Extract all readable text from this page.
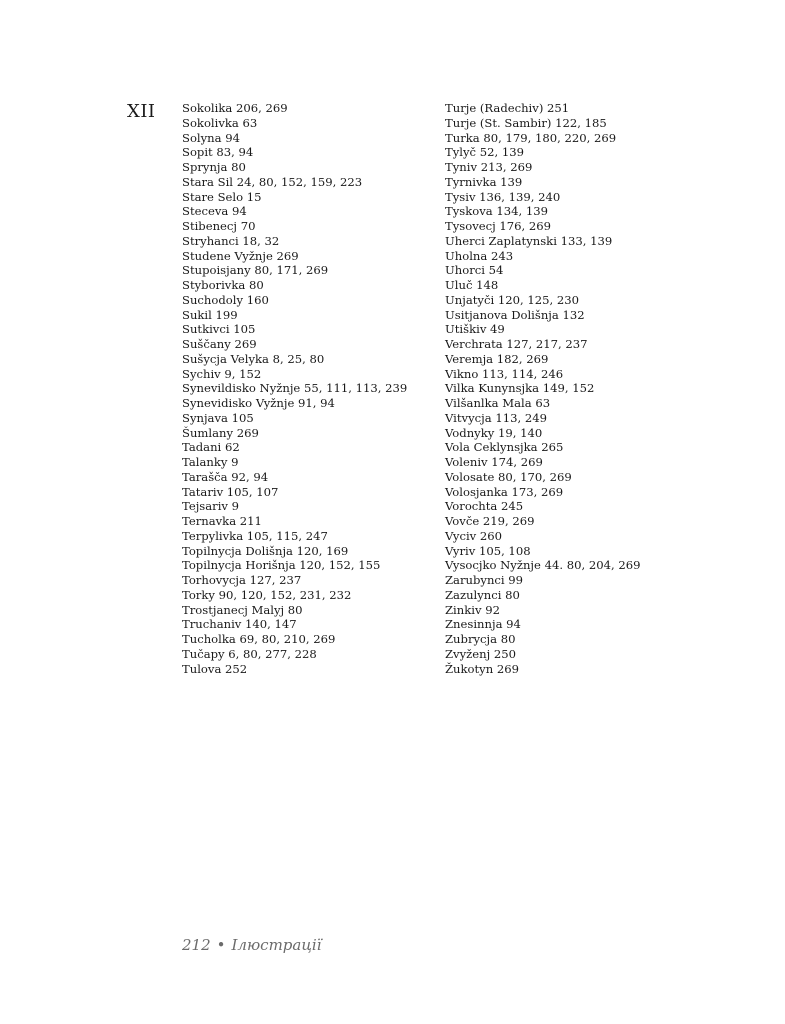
XII Sokolika 206, 269
Sokolivka 63
Solyna 94
Sopit 83, 94
Sprynja 80
Stara Sil 24, 80, 152, 159, 223
Stare Selo 15
Steceva 94
Stibenecj 70
Stryhanci 18, 32
Studene Vyžnje 269
Stupoisjany 80, 171, 269
Styborivka 80
Suchodoly 160
Sukil 199
Sutkivci 105
Suščany 269
Sušycja Velyka 8, 25, 80
Sychiv 9, 152
Synevildisko Nyžnje 55, 111, 113, 239
Synevidisko Vyžnje 91, 94
Synjava 105
Šumlany 269
Tadani 62
Talanky 9
Tarašča 92, 94
Tatariv 105, 107
Tejsariv 9
Ternavka 211
Terpylivka 105, 115, 247
Topilnycja Dolišnja 120, 169
Topilnycja Horišnja 120, 152, 155
Torhovycja 127, 237
Torky 90, 120, 152, 231, 232
Trostjanecj Malyj 80
Truchaniv 140, 147
Tucholka 69, 80, 210, 269
Tučapy 6, 80, 277, 228
Tulova 252
Turje (Radechiv) 251
Turje (St. Sambir) 122, 185
Turka 80, 179, 180, 220, 269
Tylyč 52, 139
Tyniv 213, 269
Tyrnivka 139
Tysiv 136, 139, 240
Tyskova 134, 139
Tysovecj 176, 269
Uhercі Zaplatynski 133, 139
Uholna 243
Uhorci 54
Uluč 148
Unjatyči 120, 125, 230
Usitjanova Dolišnja 132
Utiškiv 49
Verchrata 127, 217, 237
Veremja 182, 269
Vikno 113, 114, 246
Vilka Kunynsjka 149, 152
Vilšanlka Mala 63
Vitvycja 113, 249
Vodnyky 19, 140
Vola Ceklynsjka 265
Voleniv 174, 269
Volosate 80, 170, 269
Volosjanka 173, 269
Vorochta 245
Vovče 219, 269
Vyciv 260
Vyriv 105, 108
Vysocjko Nyžnje 44. 80, 204, 269
Zarubynci 99
Zazulynci 80
Zinkiv 92
Znesinnja 94
Zubrycja 80
Zvyženj 250
Žukotyn 269
212 • Ілюстрації
